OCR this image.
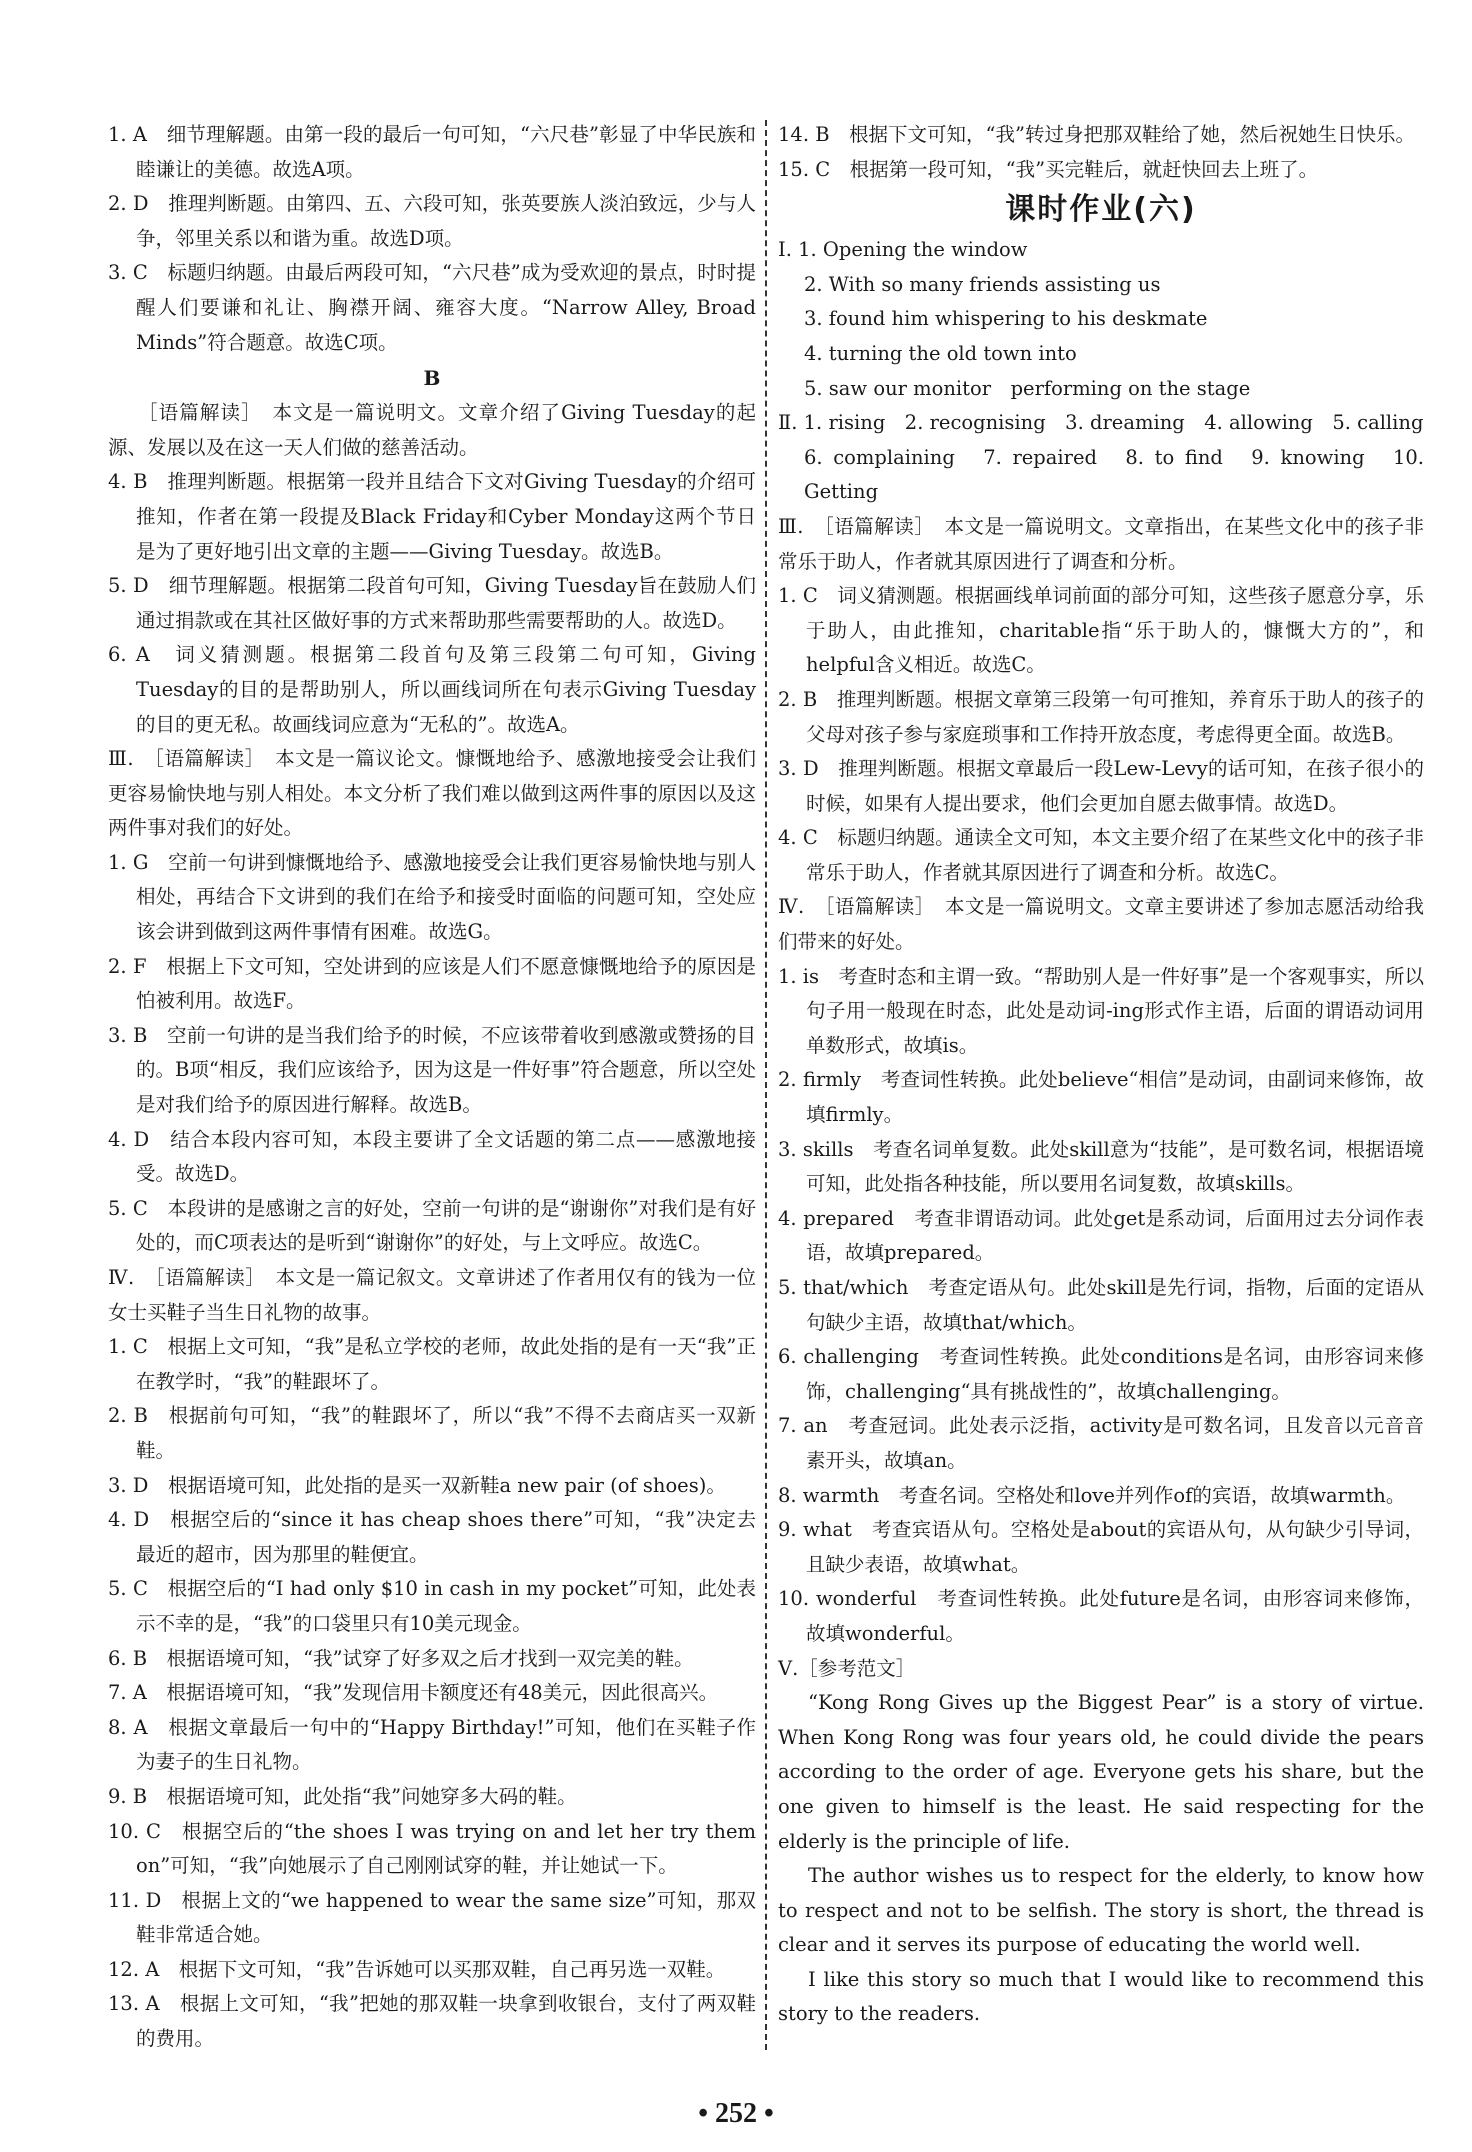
1. A　细节理解题。由第一段的最后一句可知，“六尺巷”彰显了中华民族和睦谦让的美德。故选A项。

2. D　推理判断题。由第四、五、六段可知，张英要族人淡泊致远，少与人争，邻里关系以和谐为重。故选D项。

3. C　标题归纳题。由最后两段可知，“六尺巷”成为受欢迎的景点，时时提醒人们要谦和礼让、胸襟开阔、雍容大度。“Narrow Alley, Broad Minds”符合题意。故选C项。

B

［语篇解读］　本文是一篇说明文。文章介绍了Giving Tuesday的起源、发展以及在这一天人们做的慈善活动。

4. B　推理判断题。根据第一段并且结合下文对Giving Tuesday的介绍可推知，作者在第一段提及Black Friday和Cyber Monday这两个节日是为了更好地引出文章的主题——Giving Tuesday。故选B。

5. D　细节理解题。根据第二段首句可知，Giving Tuesday旨在鼓励人们通过捐款或在其社区做好事的方式来帮助那些需要帮助的人。故选D。

6. A　词义猜测题。根据第二段首句及第三段第二句可知，Giving Tuesday的目的是帮助别人，所以画线词所在句表示Giving Tuesday的目的更无私。故画线词应意为“无私的”。故选A。

Ⅲ.　［语篇解读］　本文是一篇议论文。慷慨地给予、感激地接受会让我们更容易愉快地与别人相处。本文分析了我们难以做到这两件事的原因以及这两件事对我们的好处。

1. G　空前一句讲到慷慨地给予、感激地接受会让我们更容易愉快地与别人相处，再结合下文讲到的我们在给予和接受时面临的问题可知，空处应该会讲到做到这两件事情有困难。故选G。

2. F　根据上下文可知，空处讲到的应该是人们不愿意慷慨地给予的原因是怕被利用。故选F。

3. B　空前一句讲的是当我们给予的时候，不应该带着收到感激或赞扬的目的。B项“相反，我们应该给予，因为这是一件好事”符合题意，所以空处是对我们给予的原因进行解释。故选B。

4. D　结合本段内容可知，本段主要讲了全文话题的第二点——感激地接受。故选D。

5. C　本段讲的是感谢之言的好处，空前一句讲的是“谢谢你”对我们是有好处的，而C项表达的是听到“谢谢你”的好处，与上文呼应。故选C。

Ⅳ.　［语篇解读］　本文是一篇记叙文。文章讲述了作者用仅有的钱为一位女士买鞋子当生日礼物的故事。

1. C　根据上文可知，“我”是私立学校的老师，故此处指的是有一天“我”正在教学时，“我”的鞋跟坏了。

2. B　根据前句可知，“我”的鞋跟坏了，所以“我”不得不去商店买一双新鞋。

3. D　根据语境可知，此处指的是买一双新鞋a new pair (of shoes)。

4. D　根据空后的“since it has cheap shoes there”可知，“我”决定去最近的超市，因为那里的鞋便宜。

5. C　根据空后的“I had only $10 in cash in my pocket”可知，此处表示不幸的是，“我”的口袋里只有10美元现金。

6. B　根据语境可知，“我”试穿了好多双之后才找到一双完美的鞋。

7. A　根据语境可知，“我”发现信用卡额度还有48美元，因此很高兴。

8. A　根据文章最后一句中的“Happy Birthday!”可知，他们在买鞋子作为妻子的生日礼物。

9. B　根据语境可知，此处指“我”问她穿多大码的鞋。

10. C　根据空后的“the shoes I was trying on and let her try them on”可知，“我”向她展示了自己刚刚试穿的鞋，并让她试一下。

11. D　根据上文的“we happened to wear the same size”可知，那双鞋非常适合她。

12. A　根据下文可知，“我”告诉她可以买那双鞋，自己再另选一双鞋。

13. A　根据上文可知，“我”把她的那双鞋一块拿到收银台，支付了两双鞋的费用。

14. B　根据下文可知，“我”转过身把那双鞋给了她，然后祝她生日快乐。

15. C　根据第一段可知，“我”买完鞋后，就赶快回去上班了。

课时作业(六)

Ⅰ. 1. Opening the window

2. With so many friends assisting us

3. found him whispering to his deskmate

4. turning the old town into

5. saw our monitor　performing on the stage

Ⅱ. 1. rising　2. recognising　3. dreaming　4. allowing　5. calling

6. complaining　7. repaired　8. to find　9. knowing　10. Getting

Ⅲ.　［语篇解读］　本文是一篇说明文。文章指出，在某些文化中的孩子非常乐于助人，作者就其原因进行了调查和分析。

1. C　词义猜测题。根据画线单词前面的部分可知，这些孩子愿意分享，乐于助人，由此推知，charitable指“乐于助人的，慷慨大方的”，和helpful含义相近。故选C。

2. B　推理判断题。根据文章第三段第一句可推知，养育乐于助人的孩子的父母对孩子参与家庭琐事和工作持开放态度，考虑得更全面。故选B。

3. D　推理判断题。根据文章最后一段Lew-Levy的话可知，在孩子很小的时候，如果有人提出要求，他们会更加自愿去做事情。故选D。

4. C　标题归纳题。通读全文可知，本文主要介绍了在某些文化中的孩子非常乐于助人，作者就其原因进行了调查和分析。故选C。

Ⅳ.　［语篇解读］　本文是一篇说明文。文章主要讲述了参加志愿活动给我们带来的好处。

1. is　考查时态和主谓一致。“帮助别人是一件好事”是一个客观事实，所以句子用一般现在时态，此处是动词-ing形式作主语，后面的谓语动词用单数形式，故填is。

2. firmly　考查词性转换。此处believe“相信”是动词，由副词来修饰，故填firmly。

3. skills　考查名词单复数。此处skill意为“技能”，是可数名词，根据语境可知，此处指各种技能，所以要用名词复数，故填skills。

4. prepared　考查非谓语动词。此处get是系动词，后面用过去分词作表语，故填prepared。

5. that/which　考查定语从句。此处skill是先行词，指物，后面的定语从句缺少主语，故填that/which。

6. challenging　考查词性转换。此处conditions是名词，由形容词来修饰，challenging“具有挑战性的”，故填challenging。

7. an　考查冠词。此处表示泛指，activity是可数名词，且发音以元音音素开头，故填an。

8. warmth　考查名词。空格处和love并列作of的宾语，故填warmth。

9. what　考查宾语从句。空格处是about的宾语从句，从句缺少引导词，且缺少表语，故填what。

10. wonderful　考查词性转换。此处future是名词，由形容词来修饰，故填wonderful。

Ⅴ.［参考范文］

“Kong Rong Gives up the Biggest Pear” is a story of virtue. When Kong Rong was four years old, he could divide the pears according to the order of age. Everyone gets his share, but the one given to himself is the least. He said respecting for the elderly is the principle of life.

The author wishes us to respect for the elderly, to know how to respect and not to be selfish. The story is short, the thread is clear and it serves its purpose of educating the world well.

I like this story so much that I would like to recommend this story to the readers.

• 252 •
